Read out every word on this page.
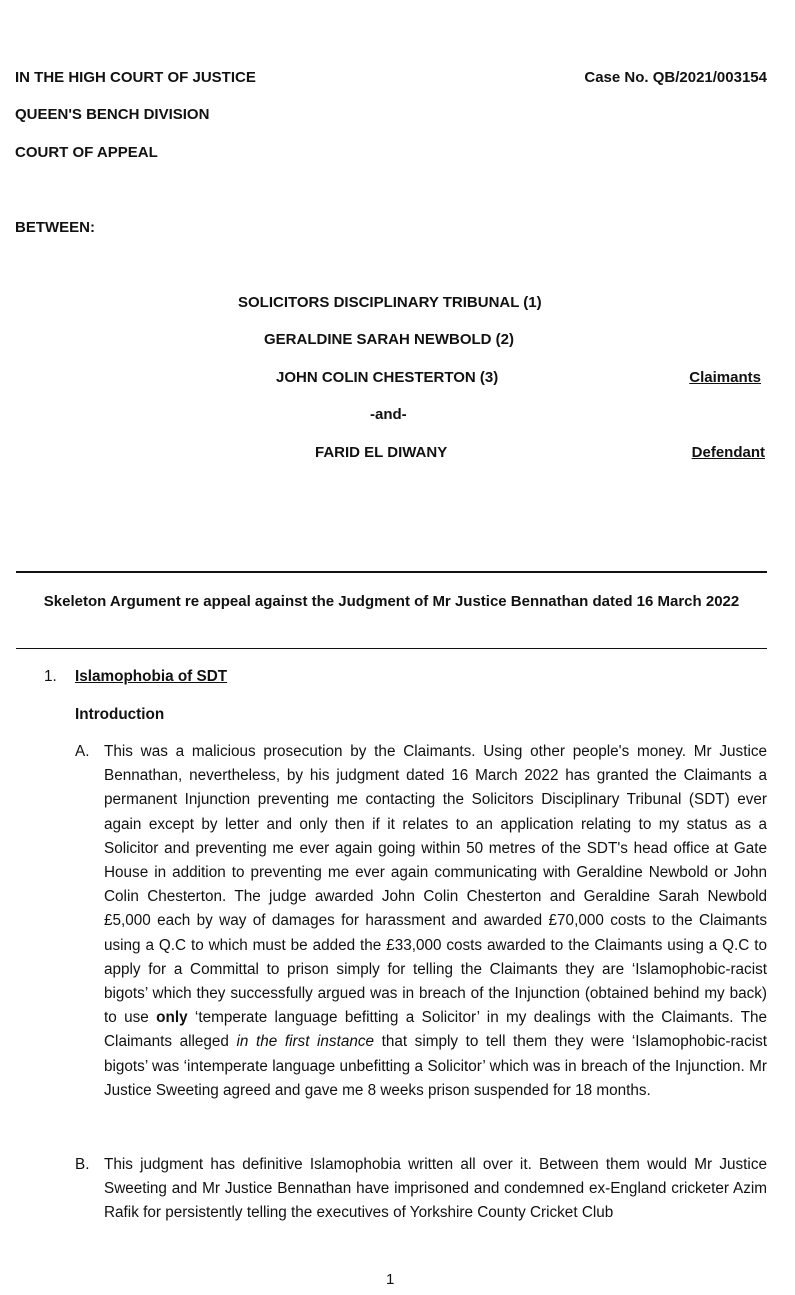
IN THE HIGH COURT OF JUSTICE	Case No. QB/2021/003154
QUEEN'S BENCH DIVISION
COURT OF APPEAL
BETWEEN:
SOLICITORS DISCIPLINARY TRIBUNAL (1)
GERALDINE SARAH NEWBOLD (2)
JOHN COLIN CHESTERTON (3)	Claimants
-and-
FARID EL DIWANY	Defendant
Skeleton Argument re appeal against the Judgment of Mr Justice Bennathan dated 16 March 2022
1. Islamophobia of SDT
Introduction
A. This was a malicious prosecution by the Claimants. Using other people's money. Mr Justice Bennathan, nevertheless, by his judgment dated 16 March 2022 has granted the Claimants a permanent Injunction preventing me contacting the Solicitors Disciplinary Tribunal (SDT) ever again except by letter and only then if it relates to an application relating to my status as a Solicitor and preventing me ever again going within 50 metres of the SDT's head office at Gate House in addition to preventing me ever again communicating with Geraldine Newbold or John Colin Chesterton. The judge awarded John Colin Chesterton and Geraldine Sarah Newbold £5,000 each by way of damages for harassment and awarded £70,000 costs to the Claimants using a Q.C to which must be added the £33,000 costs awarded to the Claimants using a Q.C to apply for a Committal to prison simply for telling the Claimants they are ‘Islamophobic-racist bigots’ which they successfully argued was in breach of the Injunction (obtained behind my back) to use only ‘temperate language befitting a Solicitor’ in my dealings with the Claimants. The Claimants alleged in the first instance that simply to tell them they were ‘Islamophobic-racist bigots’ was ‘intemperate language unbefitting a Solicitor’ which was in breach of the Injunction. Mr Justice Sweeting agreed and gave me 8 weeks prison suspended for 18 months.
B. This judgment has definitive Islamophobia written all over it. Between them would Mr Justice Sweeting and Mr Justice Bennathan have imprisoned and condemned ex-England cricketer Azim Rafik for persistently telling the executives of Yorkshire County Cricket Club
1
